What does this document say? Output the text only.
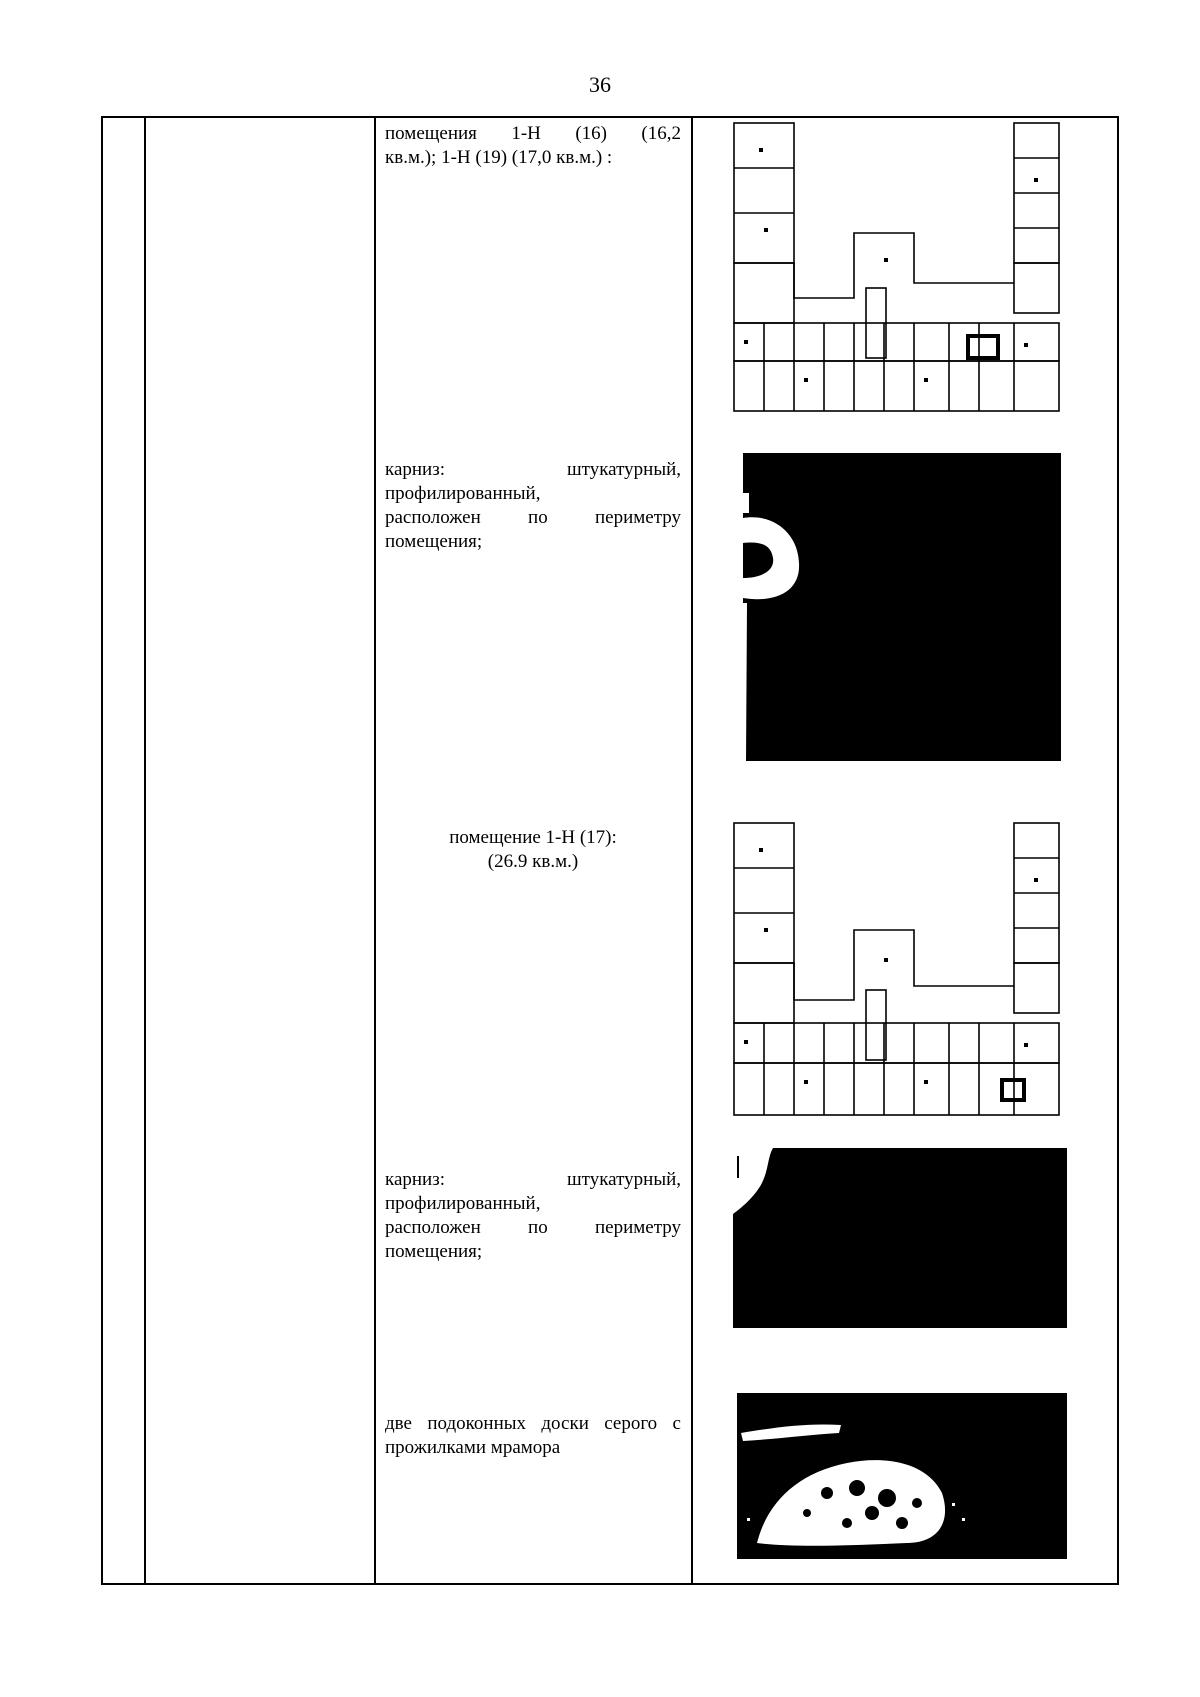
36
помещения 1-Н (16) (16,2
кв.м.); 1-Н (19) (17,0 кв.м.) :
карниз: штукатурный,
профилированный,
расположен по периметру
помещения;
помещение 1-Н (17):
(26.9 кв.м.)
карниз: штукатурный,
профилированный,
расположен по периметру
помещения;
две подоконных доски серого с
прожилками мрамора
